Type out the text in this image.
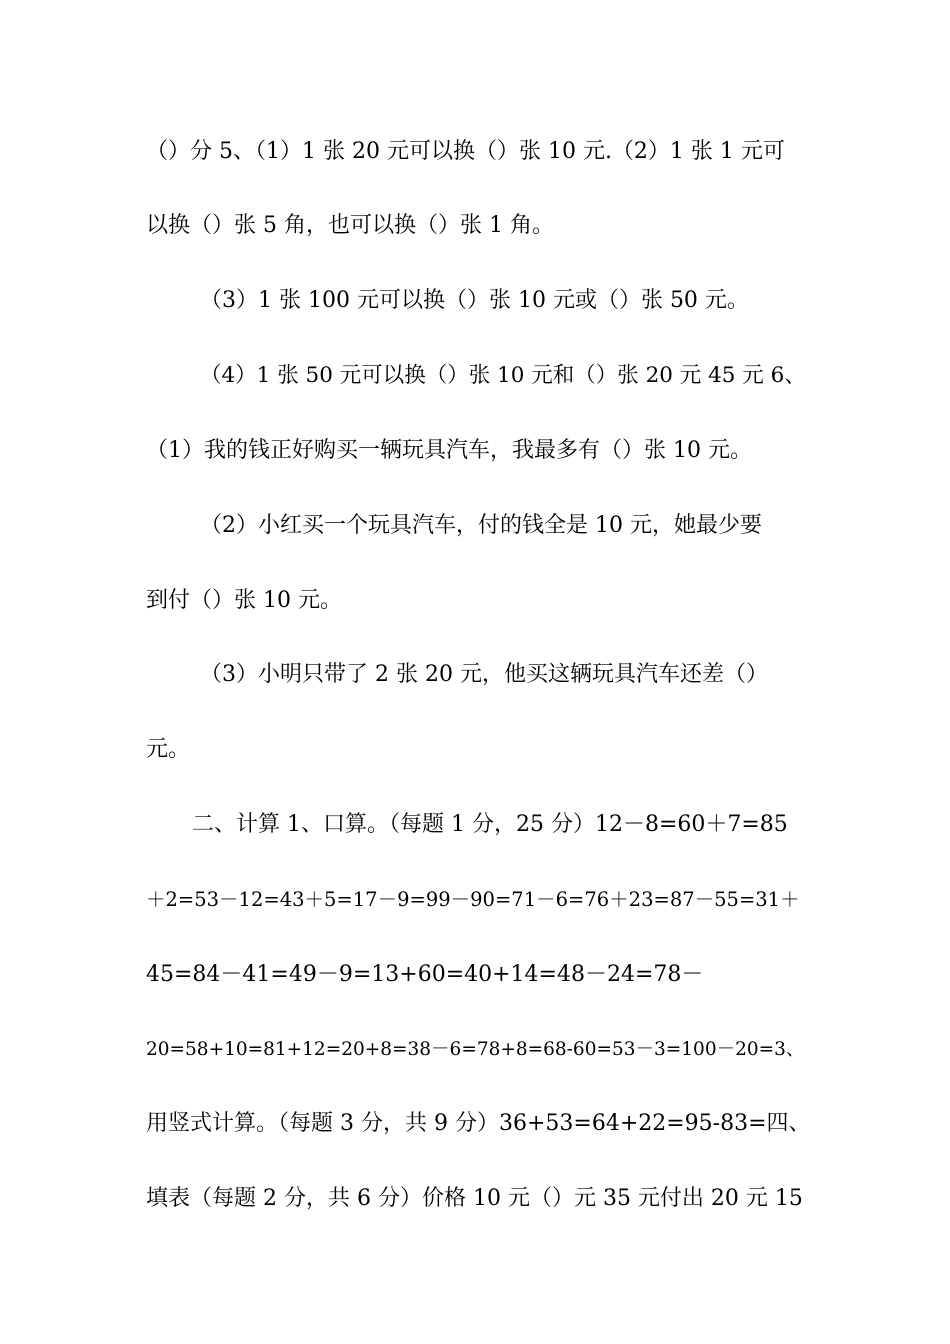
（）分 5、（1）1 张 20 元可以换（）张 10 元.（2）1 张 1 元可
以换（）张 5 角，也可以换（）张 1 角。
（3）1 张 100 元可以换（）张 10 元或（）张 50 元。
（4）1 张 50 元可以换（）张 10 元和（）张 20 元 45 元 6、
（1）我的钱正好购买一辆玩具汽车，我最多有（）张 10 元。
（2）小红买一个玩具汽车，付的钱全是 10 元，她最少要
到付（）张 10 元。
（3）小明只带了 2 张 20 元，他买这辆玩具汽车还差（）
元。
二、计算 1、口算。（每题 1 分，25 分）12－8=60＋7=85
＋2=53－12=43＋5=17－9=99－90=71－6=76＋23=87－55=31＋
45=84－41=49－9=13+60=40+14=48－24=78－
20=58+10=81+12=20+8=38－6=78+8=68-60=53－3=100－20=3、
用竖式计算。（每题 3 分，共 9 分）36+53=64+22=95-83=四、
填表（每题 2 分，共 6 分）价格 10 元（）元 35 元付出 20 元 15
